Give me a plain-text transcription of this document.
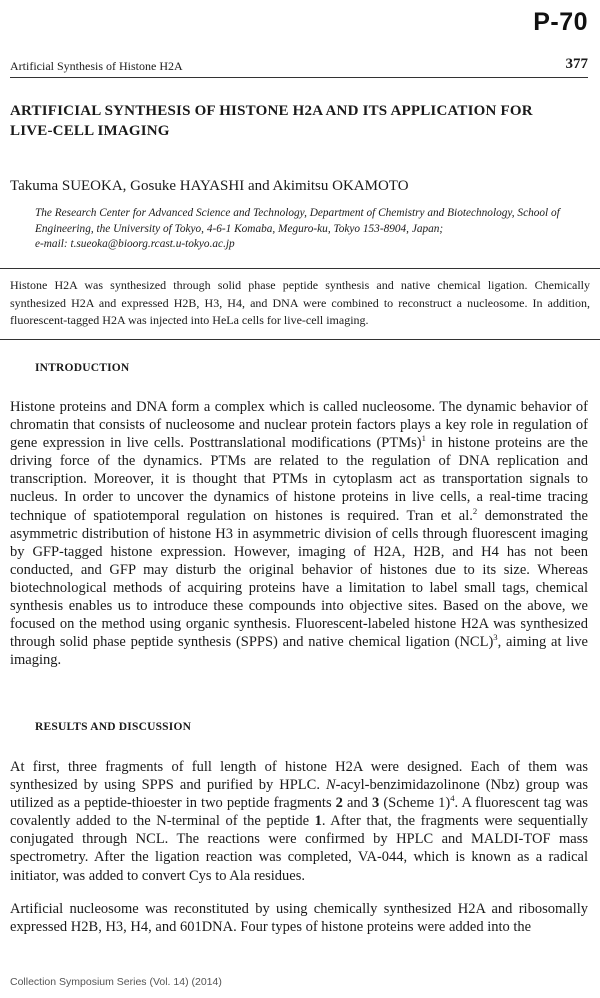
P-70
Artificial Synthesis of Histone H2A	377
ARTIFICIAL SYNTHESIS OF HISTONE H2A AND ITS APPLICATION FOR LIVE-CELL IMAGING
Takuma SUEOKA, Gosuke HAYASHI and Akimitsu OKAMOTO
The Research Center for Advanced Science and Technology, Department of Chemistry and Biotechnology, School of Engineering, the University of Tokyo, 4-6-1 Komaba, Meguro-ku, Tokyo 153-8904, Japan;
e-mail: t.sueoka@bioorg.rcast.u-tokyo.ac.jp
Histone H2A was synthesized through solid phase peptide synthesis and native chemical ligation. Chemically synthesized H2A and expressed H2B, H3, H4, and DNA were combined to reconstruct a nucleosome. In addition, fluorescent-tagged H2A was injected into HeLa cells for live-cell imaging.
INTRODUCTION
Histone proteins and DNA form a complex which is called nucleosome. The dynamic behavior of chromatin that consists of nucleosome and nuclear protein factors plays a key role in regulation of gene expression in live cells. Posttranslational modifications (PTMs)$^1$ in histone proteins are the driving force of the dynamics. PTMs are related to the regulation of DNA replication and transcription. Moreover, it is thought that PTMs in cytoplasm act as transportation signals to nucleus. In order to uncover the dynamics of histone proteins in live cells, a real-time tracing technique of spatiotemporal regulation on histones is required. Tran et al.$^2$ demonstrated the asymmetric distribution of histone H3 in asymmetric division of cells through fluorescent imaging by GFP-tagged histone expression. However, imaging of H2A, H2B, and H4 has not been conducted, and GFP may disturb the original behavior of histones due to its size. Whereas biotechnological methods of acquiring proteins have a limitation to label small tags, chemical synthesis enables us to introduce these compounds into objective sites. Based on the above, we focused on the method using organic synthesis. Fluorescent-labeled histone H2A was synthesized through solid phase peptide synthesis (SPPS) and native chemical ligation (NCL)$^3$, aiming at live imaging.
RESULTS AND DISCUSSION
At first, three fragments of full length of histone H2A were designed. Each of them was synthesized by using SPPS and purified by HPLC. N-acyl-benzimidazolinone (Nbz) group was utilized as a peptide-thioester in two peptide fragments 2 and 3 (Scheme 1)$^4$. A fluorescent tag was covalently added to the N-terminal of the peptide 1. After that, the fragments were sequentially conjugated through NCL. The reactions were confirmed by HPLC and MALDI-TOF mass spectrometry. After the ligation reaction was completed, VA-044, which is known as a radical initiator, was added to convert Cys to Ala residues.
Artificial nucleosome was reconstituted by using chemically synthesized H2A and ribosomally expressed H2B, H3, H4, and 601DNA. Four types of histone proteins were added into the
Collection Symposium Series (Vol. 14) (2014)
